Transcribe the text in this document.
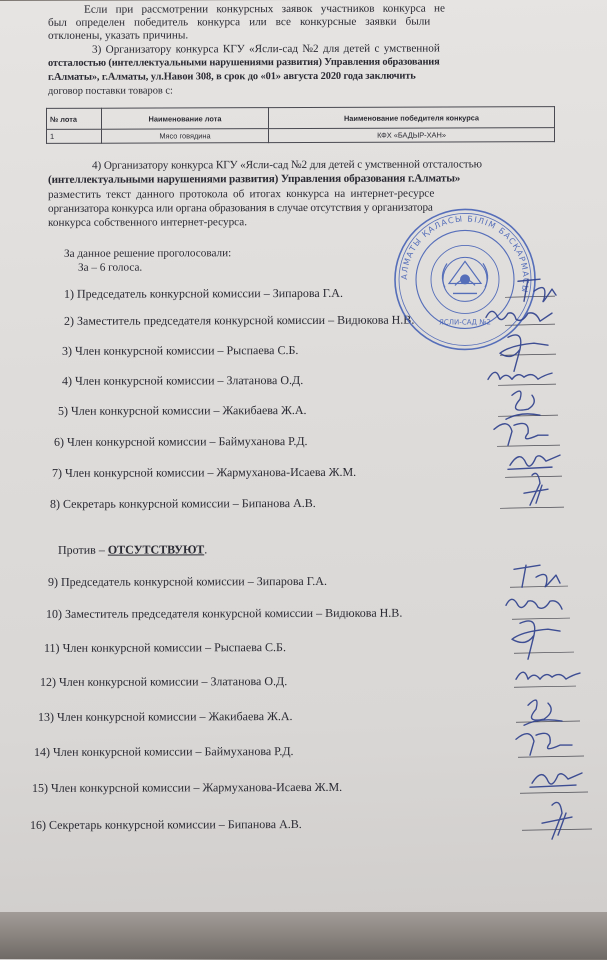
Если при рассмотрении конкурсных заявок участников конкурса не
был определен победитель конкурса или все конкурсные заявки были
отклонены, указать причины.
3) Организатору конкурса КГУ «Ясли-сад №2 для детей с умственной
отсталостью (интеллектуальными нарушениями развития) Управления образования
г.Алматы», г.Алматы, ул.Навои 308, в срок до «01» августа 2020 года заключить
договор поставки товаров с:
№ лота	Наименование лота	Наименование победителя конкурса
1	Мясо говядина	КФХ «БАДЫР-ХАН»
4) Организатору конкурса КГУ «Ясли-сад №2 для детей с умственной отсталостью
(интеллектуальными нарушениями развития) Управления образования г.Алматы»
разместить текст данного протокола об итогах конкурса на интернет-ресурсе
организатора конкурса или органа образования в случае отсутствия у организатора
конкурса собственного интернет-ресурса.
За данное решение проголосовали:
За – 6 голоса.
1) Председатель конкурсной комиссии – Зипарова Г.А.
2) Заместитель председателя конкурсной комиссии – Видюкова Н.В.
3) Член конкурсной комиссии – Рыспаева С.Б.
4) Член конкурсной комиссии – Златанова О.Д.
5) Член конкурсной комиссии – Жакибаева Ж.А.
6) Член конкурсной комиссии – Баймуханова Р.Д.
7) Член конкурсной комиссии – Жармуханова-Исаева Ж.М.
8) Секретарь конкурсной комиссии – Бипанова А.В.
Против – ОТСУТСТВУЮТ.
9) Председатель конкурсной комиссии – Зипарова Г.А.
10) Заместитель председателя конкурсной комиссии – Видюкова Н.В.
11) Член конкурсной комиссии – Рыспаева С.Б.
12) Член конкурсной комиссии – Златанова О.Д.
13) Член конкурсной комиссии – Жакибаева Ж.А.
14) Член конкурсной комиссии – Баймуханова Р.Д.
15) Член конкурсной комиссии – Жармуханова-Исаева Ж.М.
16) Секретарь конкурсной комиссии – Бипанова А.В.
АЛМАТЫ ҚАЛАСЫ БІЛІМ БАСҚАРМАСЫ
ЯСЛИ-САД №2
